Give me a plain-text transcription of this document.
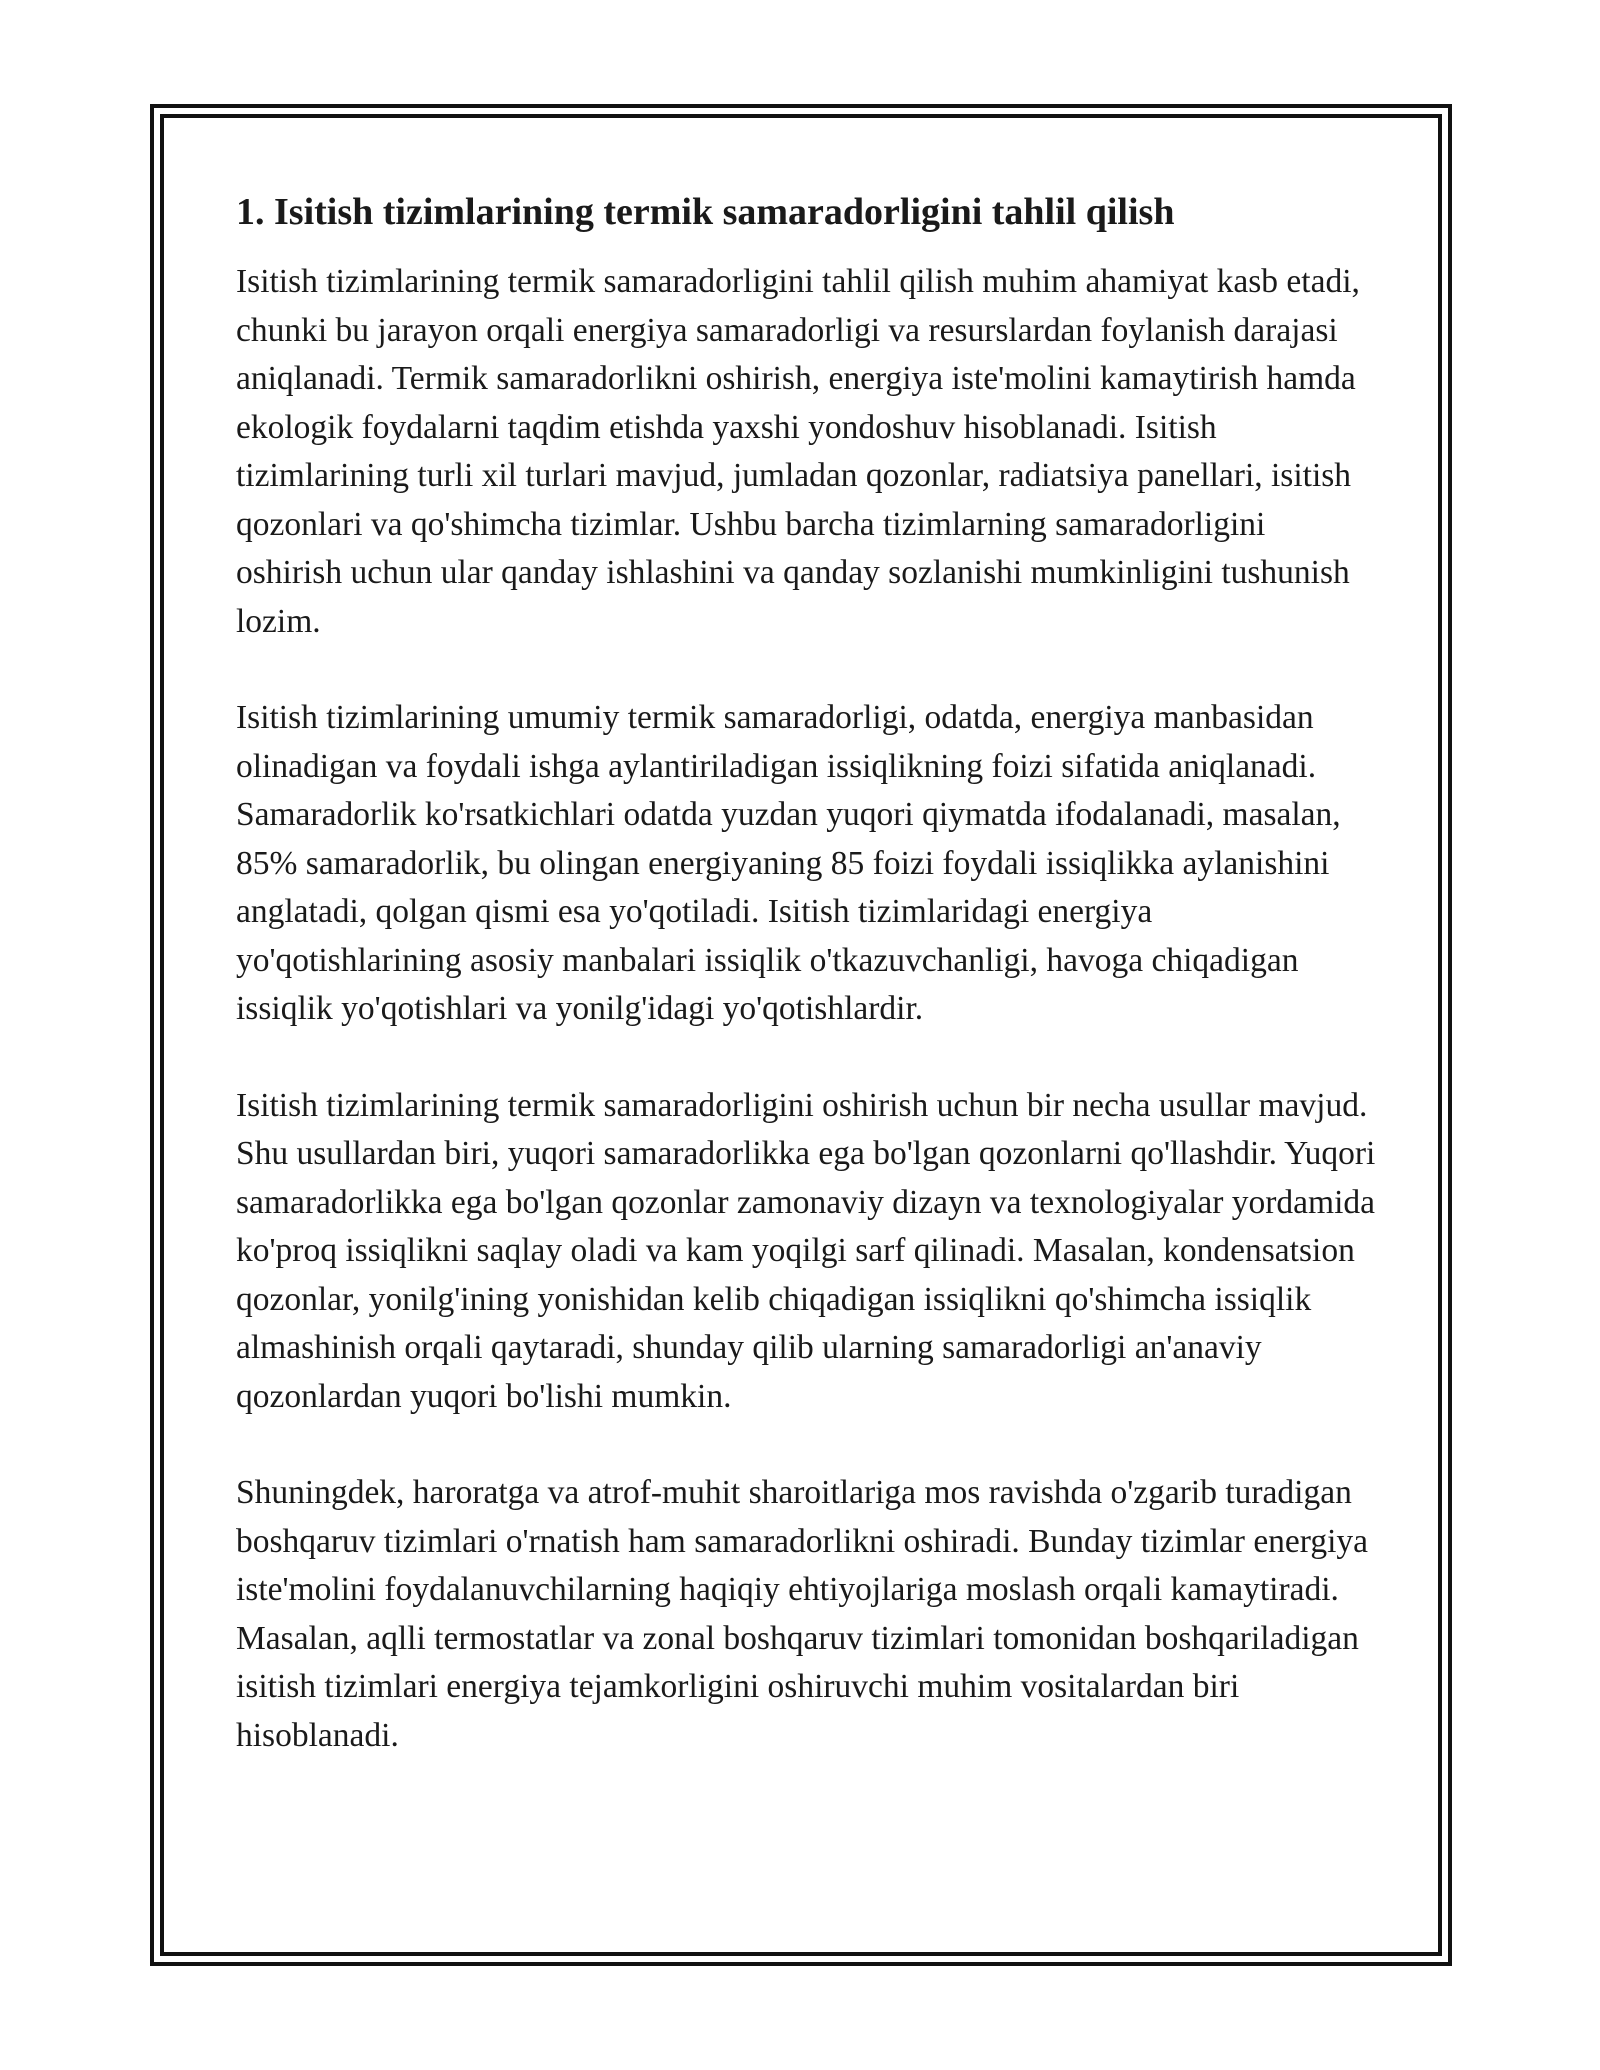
1. Isitish tizimlarining termik samaradorligini tahlil qilish

Isitish tizimlarining termik samaradorligini tahlil qilish muhim ahamiyat kasb etadi, chunki bu jarayon orqali energiya samaradorligi va resurslardan foylanish darajasi aniqlanadi. Termik samaradorlikni oshirish, energiya iste'molini kamaytirish hamda ekologik foydalarni taqdim etishda yaxshi yondoshuv hisoblanadi. Isitish tizimlarining turli xil turlari mavjud, jumladan qozonlar, radiatsiya panellari, isitish qozonlari va qo'shimcha tizimlar. Ushbu barcha tizimlarning samaradorligini oshirish uchun ular qanday ishlashini va qanday sozlanishi mumkinligini tushunish lozim.

Isitish tizimlarining umumiy termik samaradorligi, odatda, energiya manbasidan olinadigan va foydali ishga aylantiriladigan issiqlikning foizi sifatida aniqlanadi. Samaradorlik ko'rsatkichlari odatda yuzdan yuqori qiymatda ifodalanadi, masalan, 85% samaradorlik, bu olingan energiyaning 85 foizi foydali issiqlikka aylanishini anglatadi, qolgan qismi esa yo'qotiladi. Isitish tizimlaridagi energiya yo'qotishlarining asosiy manbalari issiqlik o'tkazuvchanligi, havoga chiqadigan issiqlik yo'qotishlari va yonilg'idagi yo'qotishlardir.

Isitish tizimlarining termik samaradorligini oshirish uchun bir necha usullar mavjud. Shu usullardan biri, yuqori samaradorlikka ega bo'lgan qozonlarni qo'llashdir. Yuqori samaradorlikka ega bo'lgan qozonlar zamonaviy dizayn va texnologiyalar yordamida ko'proq issiqlikni saqlay oladi va kam yoqilgi sarf qilinadi. Masalan, kondensatsion qozonlar, yonilg'ining yonishidan kelib chiqadigan issiqlikni qo'shimcha issiqlik almashinish orqali qaytaradi, shunday qilib ularning samaradorligi an'anaviy qozonlardan yuqori bo'lishi mumkin.

Shuningdek, haroratga va atrof-muhit sharoitlariga mos ravishda o'zgarib turadigan boshqaruv tizimlari o'rnatish ham samaradorlikni oshiradi. Bunday tizimlar energiya iste'molini foydalanuvchilarning haqiqiy ehtiyojlariga moslash orqali kamaytiradi. Masalan, aqlli termostatlar va zonal boshqaruv tizimlari tomonidan boshqariladigan isitish tizimlari energiya tejamkorligini oshiruvchi muhim vositalardan biri hisoblanadi.
